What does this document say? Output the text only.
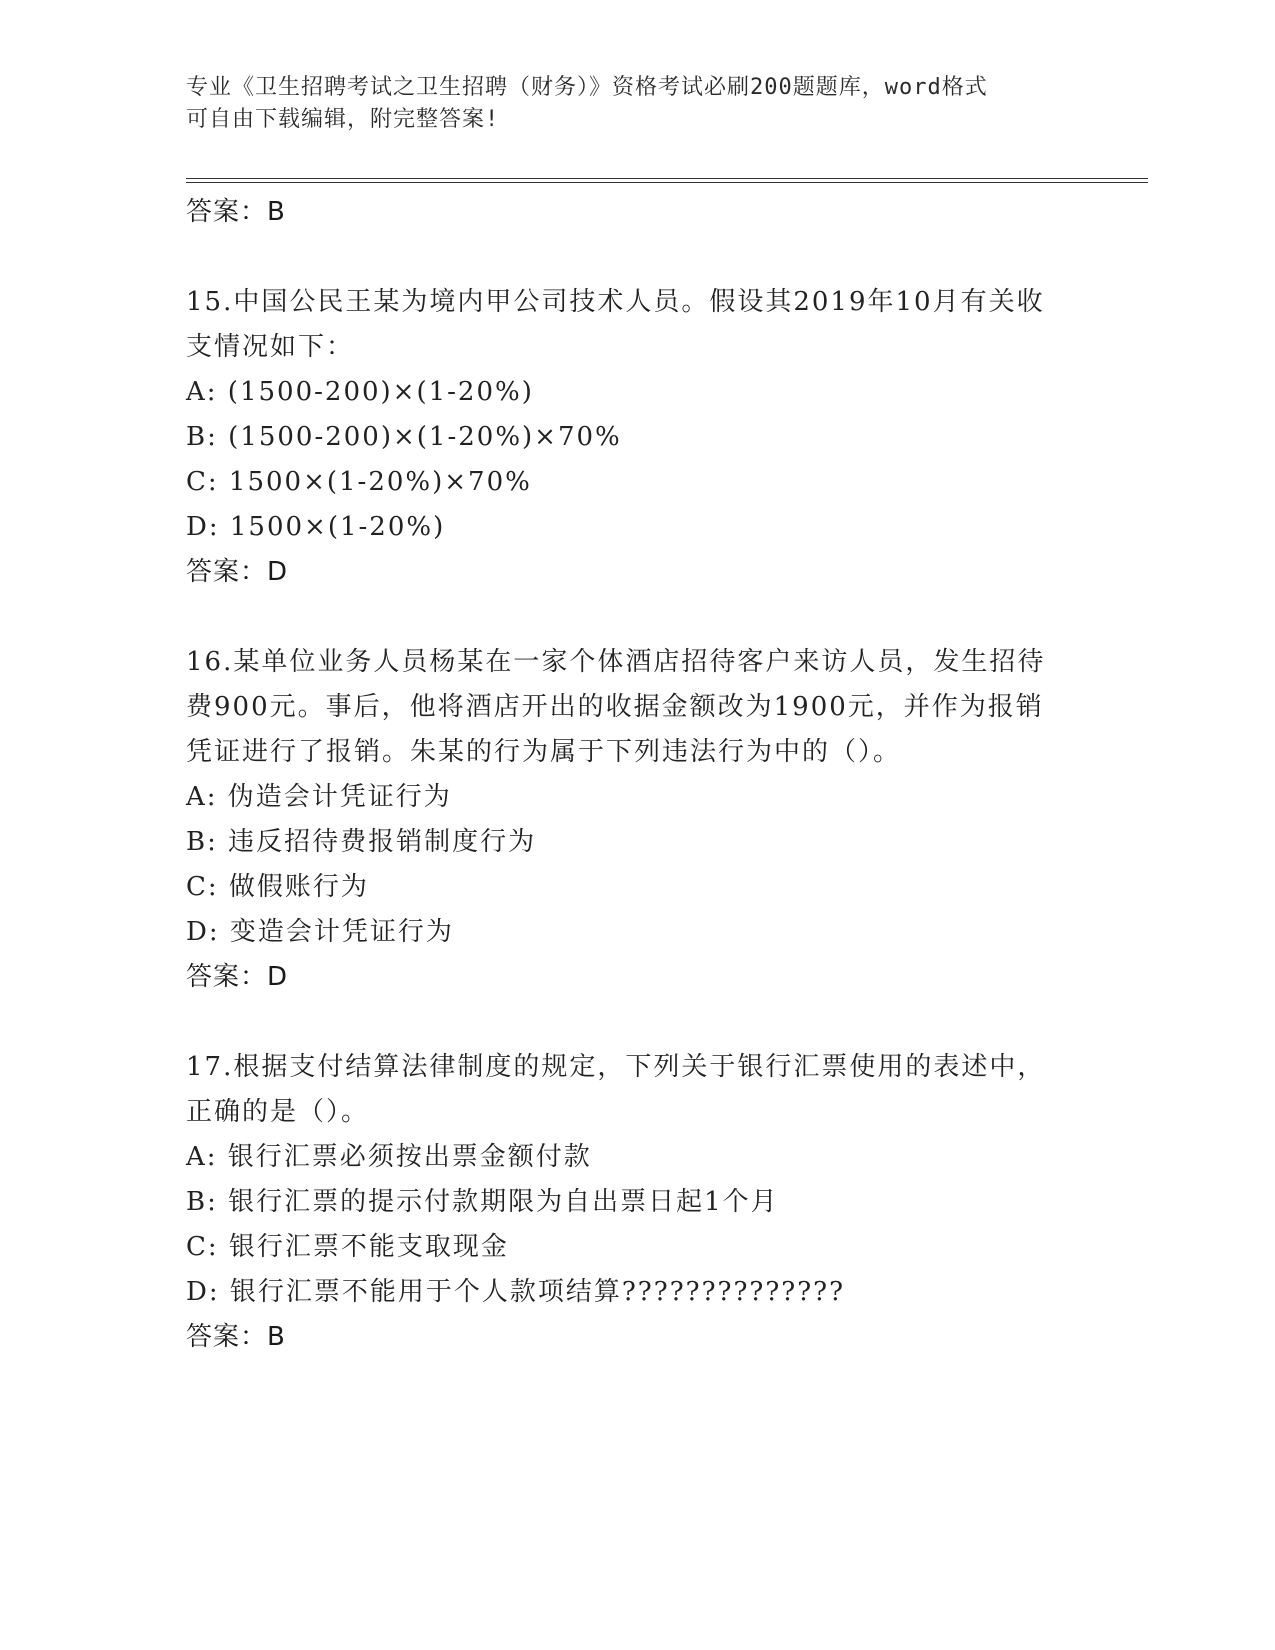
专业《卫生招聘考试之卫生招聘（财务）》资格考试必刷200题题库，word格式
可自由下载编辑，附完整答案!
答案：B
15.中国公民王某为境内甲公司技术人员。假设其2019年10月有关收
支情况如下：
A: (1500-200)×(1-20%)
B: (1500-200)×(1-20%)×70%
C: 1500×(1-20%)×70%
D: 1500×(1-20%)
答案：D
16.某单位业务人员杨某在一家个体酒店招待客户来访人员，发生招待
费900元。事后，他将酒店开出的收据金额改为1900元，并作为报销
凭证进行了报销。朱某的行为属于下列违法行为中的（）。
A: 伪造会计凭证行为
B: 违反招待费报销制度行为
C: 做假账行为
D: 变造会计凭证行为
答案：D
17.根据支付结算法律制度的规定，下列关于银行汇票使用的表述中，
正确的是（）。
A: 银行汇票必须按出票金额付款
B: 银行汇票的提示付款期限为自出票日起1个月
C: 银行汇票不能支取现金
D: 银行汇票不能用于个人款项结算??????????????
答案：B
